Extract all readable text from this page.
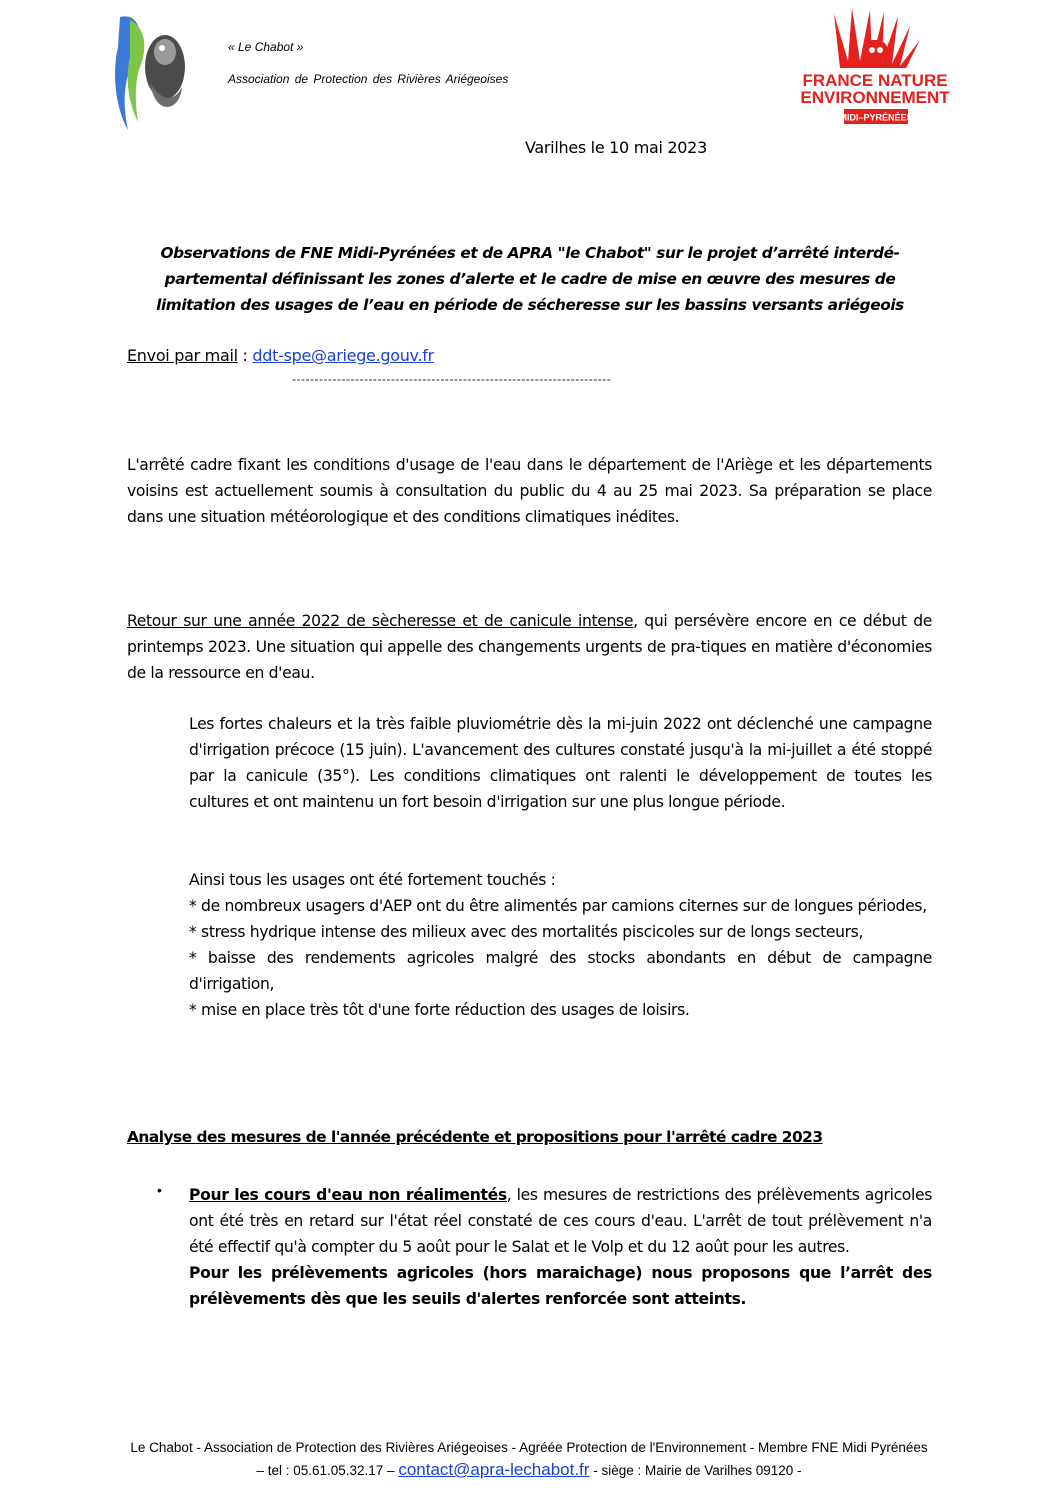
« Le Chabot »
Association de Protection des Rivières Ariégeoises	FRANCE NATURE
ENVIRONNEMENT
MIDI–PYRÉNÉES
Varilhes le 10 mai 2023
Observations de FNE Midi-Pyrénées et de APRA "le Chabot" sur le projet d’arrêté interdé-partemental définissant les zones d’alerte et le cadre de mise en œuvre des mesures de limitation des usages de l’eau en période de sécheresse sur les bassins versants ariégeois
Envoi par mail : ddt-spe@ariege.gouv.fr
-----------------------------------------------------------------------
L'arrêté cadre fixant les conditions d'usage de l'eau dans le département de l'Ariège et les départements voisins est actuellement soumis à consultation du public du 4 au 25 mai 2023. Sa préparation se place dans une situation météorologique et des conditions climatiques inédites.
Retour sur une année 2022 de sècheresse et de canicule intense, qui persévère encore en ce début de printemps 2023. Une situation qui appelle des changements urgents de pra-tiques en matière d'économies de la ressource en d'eau.
Les fortes chaleurs et la très faible pluviométrie dès la mi-juin 2022 ont déclenché une campagne d'irrigation précoce (15 juin). L'avancement des cultures constaté jusqu'à la mi-juillet a été stoppé par la canicule (35°). Les conditions climatiques ont ralenti le développement de toutes les cultures et ont maintenu un fort besoin d'irrigation sur une plus longue période.
Ainsi tous les usages ont été fortement touchés :
* de nombreux usagers d'AEP ont du être alimentés par camions citernes sur de longues périodes,
* stress hydrique intense des milieux avec des mortalités piscicoles sur de longs secteurs,
* baisse des rendements agricoles malgré des stocks abondants en début de campagne d'irrigation,
* mise en place très tôt d'une forte réduction des usages de loisirs.
Analyse des mesures de l'année précédente et propositions pour l'arrêté cadre 2023
• Pour les cours d'eau non réalimentés, les mesures de restrictions des prélèvements agricoles ont été très en retard sur l'état réel constaté de ces cours d'eau. L'arrêt de tout prélèvement n'a été effectif qu'à compter du 5 août pour le Salat et le Volp et du 12 août pour les autres.
Pour les prélèvements agricoles (hors maraichage) nous proposons que l’arrêt des prélèvements dès que les seuils d'alertes renforcée sont atteints.
Le Chabot - Association de Protection des Rivières Ariégeoises - Agréée Protection de l'Environnement - Membre FNE Midi Pyrénées
– tel : 05.61.05.32.17 – contact@apra-lechabot.fr - siège : Mairie de Varilhes 09120 -
